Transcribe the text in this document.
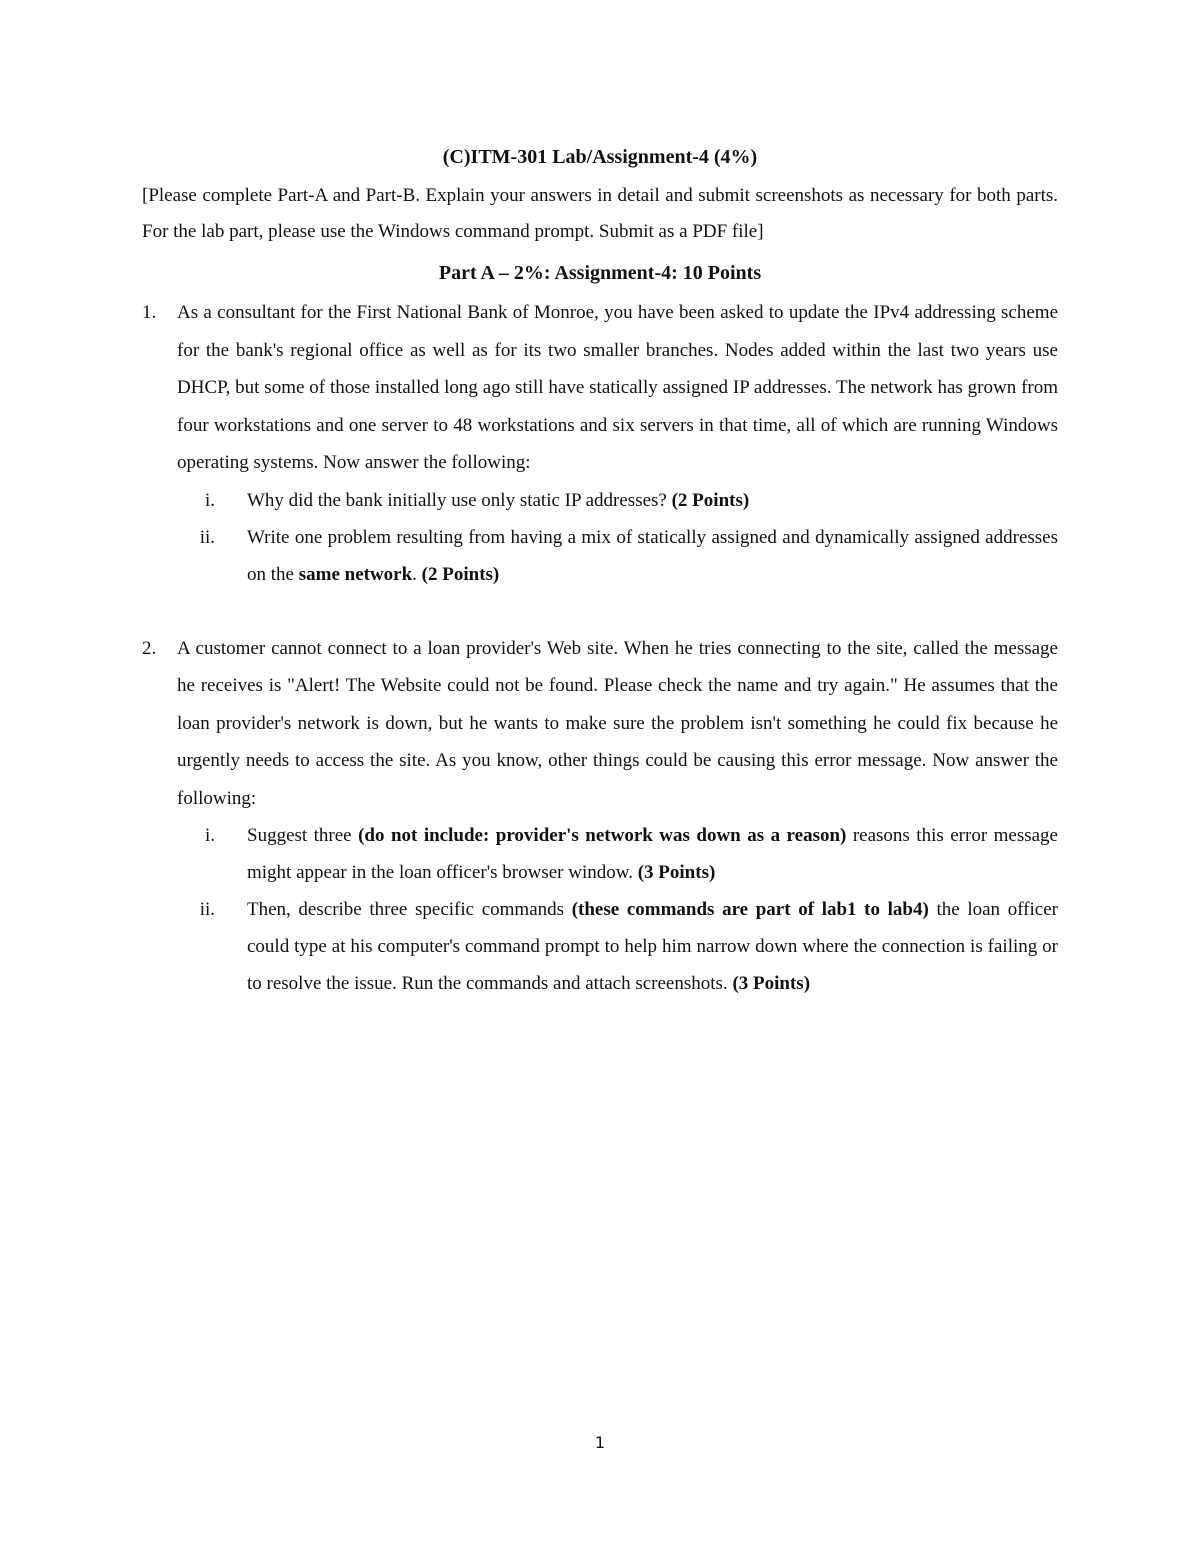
(C)ITM-301 Lab/Assignment-4 (4%)

[Please complete Part-A and Part-B. Explain your answers in detail and submit screenshots as necessary for both parts. For the lab part, please use the Windows command prompt. Submit as a PDF file]

Part A – 2%: Assignment-4: 10 Points
1. As a consultant for the First National Bank of Monroe, you have been asked to update the IPv4 addressing scheme for the bank's regional office as well as for its two smaller branches. Nodes added within the last two years use DHCP, but some of those installed long ago still have statically assigned IP addresses. The network has grown from four workstations and one server to 48 workstations and six servers in that time, all of which are running Windows operating systems. Now answer the following:

i. Why did the bank initially use only static IP addresses? (2 Points)

ii. Write one problem resulting from having a mix of statically assigned and dynamically assigned addresses on the same network. (2 Points)

2. A customer cannot connect to a loan provider's Web site. When he tries connecting to the site, called the message he receives is "Alert! The Website could not be found. Please check the name and try again." He assumes that the loan provider's network is down, but he wants to make sure the problem isn't something he could fix because he urgently needs to access the site. As you know, other things could be causing this error message. Now answer the following:

i. Suggest three (do not include: provider's network was down as a reason) reasons this error message might appear in the loan officer's browser window. (3 Points)

ii. Then, describe three specific commands (these commands are part of lab1 to lab4) the loan officer could type at his computer's command prompt to help him narrow down where the connection is failing or to resolve the issue. Run the commands and attach screenshots. (3 Points)

1
